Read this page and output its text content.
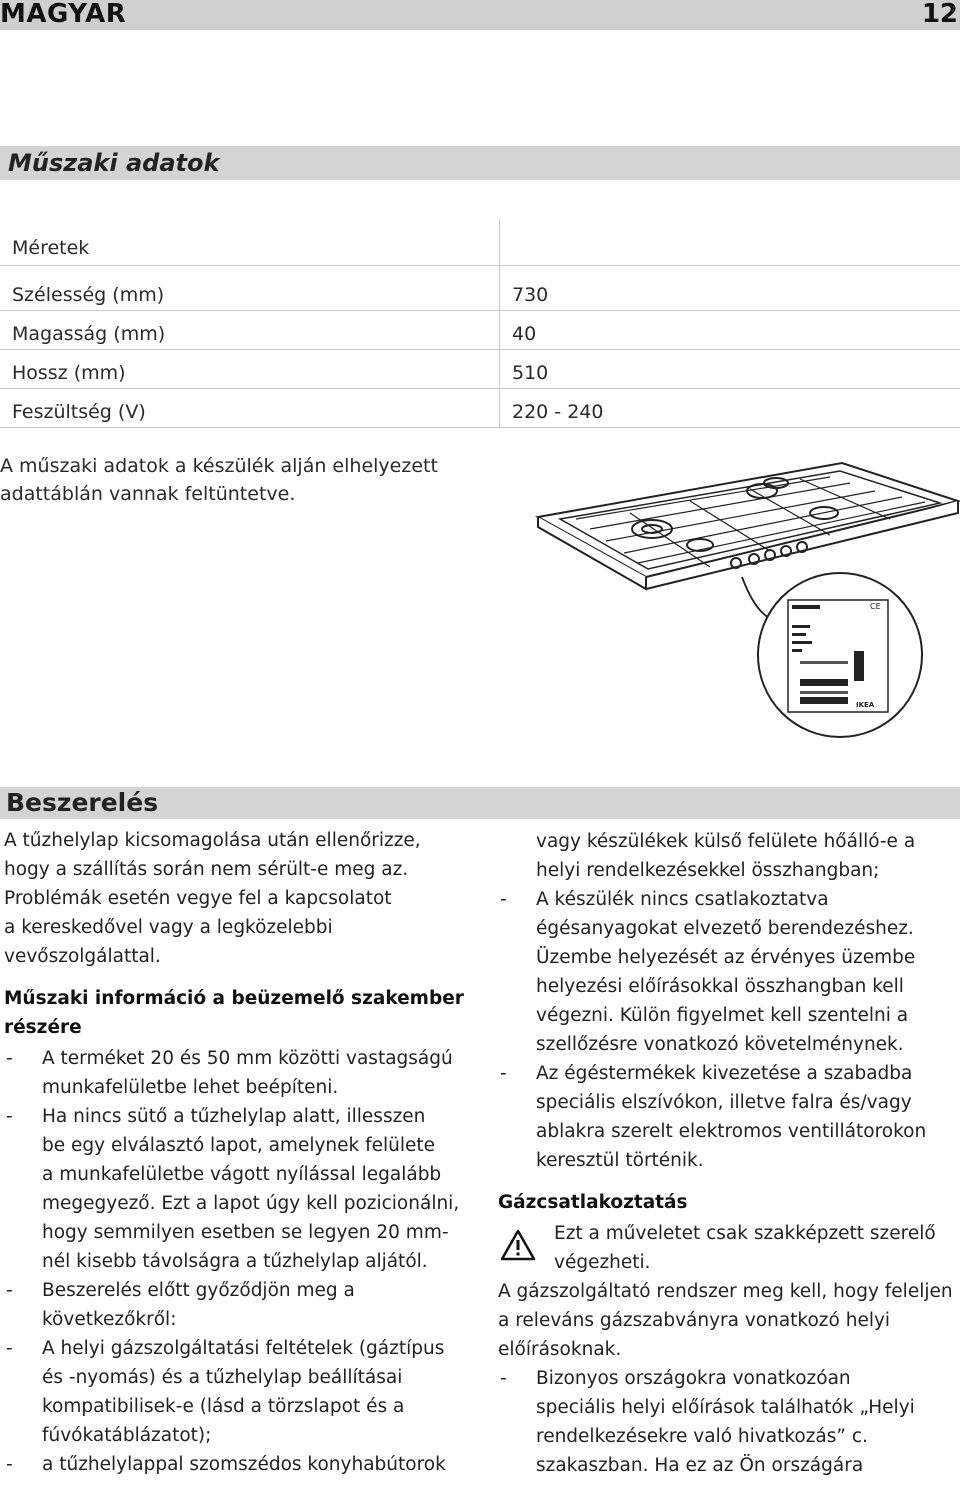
MAGYAR	12
Műszaki adatok
Méretek	
Szélesség (mm)	730
Magasság (mm)	40
Hossz (mm)	510
Feszültség (V)	220 - 240
A műszaki adatok a készülék alján elhelyezett
adattáblán vannak feltüntetve.
CE
IKEA
Beszerelés

A tűzhelylap kicsomagolása után ellenőrizze,

hogy a szállítás során nem sérült-e meg az.

Problémák esetén vegye fel a kapcsolatot

a kereskedővel vagy a legközelebbi

vevőszolgálattal.

Műszaki információ a beüzemelő szakember
részére
- A terméket 20 és 50 mm közötti vastagságú

munkafelületbe lehet beépíteni.

- Ha nincs sütő a tűzhelylap alatt, illesszen

be egy elválasztó lapot, amelynek felülete

a munkafelületbe vágott nyílással legalább

megegyező. Ezt a lapot úgy kell pozicionálni,

hogy semmilyen esetben se legyen 20 mm-

nél kisebb távolságra a tűzhelylap aljától.

- Beszerelés előtt győződjön meg a

következőkről:

- A helyi gázszolgáltatási feltételek (gáztípus

és -nyomás) és a tűzhelylap beállításai

kompatibilisek-e (lásd a törzslapot és a

fúvókatáblázatot);

- a tűzhelylappal szomszédos konyhabútorok

vagy készülékek külső felülete hőálló-e a

helyi rendelkezésekkel összhangban;

- A készülék nincs csatlakoztatva

égésanyagokat elvezető berendezéshez.

Üzembe helyezését az érvényes üzembe

helyezési előírásokkal összhangban kell

végezni. Külön figyelmet kell szentelni a

szellőzésre vonatkozó követelménynek.

- Az égéstermékek kivezetése a szabadba

speciális elszívókon, illetve falra és/vagy

ablakra szerelt elektromos ventillátorokon

keresztül történik.

Gázcsatlakoztatás

Ezt a műveletet csak szakképzett szerelő

végezheti.

A gázszolgáltató rendszer meg kell, hogy feleljen

a releváns gázszabványra vonatkozó helyi

előírásoknak.

- Bizonyos országokra vonatkozóan

speciális helyi előírások találhatók „Helyi

rendelkezésekre való hivatkozás” c.

szakaszban. Ha ez az Ön országára
